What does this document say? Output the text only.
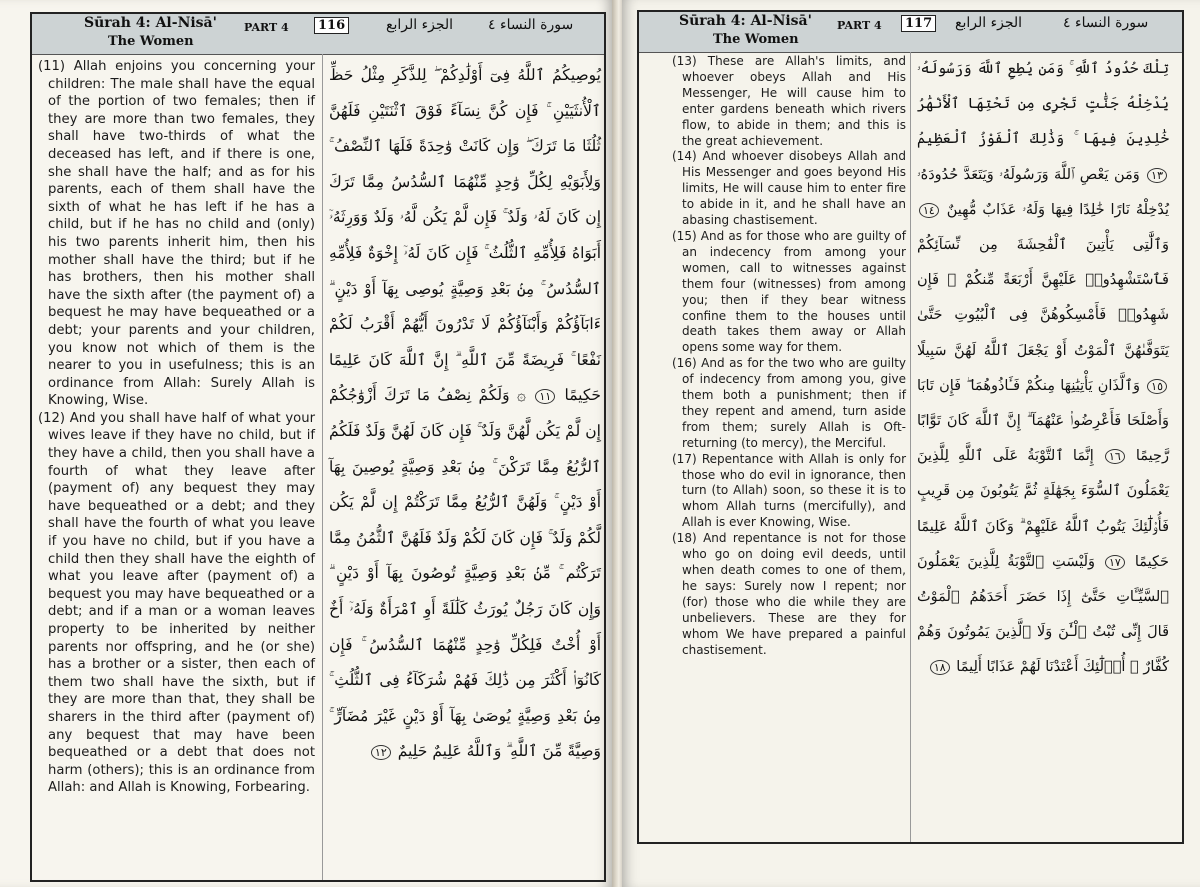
Sūrah 4: Al-Nisā'
The Women
PART 4	116	الجزء الرابع سورة النساء ٤

(11) Allah enjoins you concerning your children: The male shall have the equal of the portion of two females; then if they are more than two females, they shall have two-thirds of what the deceased has left, and if there is one, she shall have the half; and as for his parents, each of them shall have the sixth of what he has left if he has a child, but if he has no child and (only) his two parents inherit him, then his mother shall have the third; but if he has brothers, then his mother shall have the sixth after (the payment of) a bequest he may have bequeathed or a debt; your parents and your children, you know not which of them is the nearer to you in usefulness; this is an ordinance from Allah: Surely Allah is Knowing, Wise.

(12) And you shall have half of what your wives leave if they have no child, but if they have a child, then you shall have a fourth of what they leave after (payment of) any bequest they may have bequeathed or a debt; and they shall have the fourth of what you leave if you have no child, but if you have a child then they shall have the eighth of what you leave after (payment of) a bequest you may have bequeathed or a debt; and if a man or a woman leaves property to be inherited by neither parents nor offspring, and he (or she) has a brother or a sister, then each of them two shall have the sixth, but if they are more than that, they shall be sharers in the third after (payment of) any bequest that may have been bequeathed or a debt that does not harm (others); this is an ordinance from Allah: and Allah is Knowing, Forbearing.

يُوصِيكُمُ ٱللَّهُ فِىٓ أَوْلَٰدِكُمْ ۖ لِلذَّكَرِ مِثْلُ حَظِّ ٱلْأُنثَيَيْنِ ۚ فَإِن كُنَّ نِسَآءً فَوْقَ ٱثْنَتَيْنِ فَلَهُنَّ ثُلُثَا مَا تَرَكَ ۖ وَإِن كَانَتْ وَٰحِدَةً فَلَهَا ٱلنِّصْفُ ۚ وَلِأَبَوَيْهِ لِكُلِّ وَٰحِدٍ مِّنْهُمَا ٱلسُّدُسُ مِمَّا تَرَكَ إِن كَانَ لَهُۥ وَلَدٌ ۚ فَإِن لَّمْ يَكُن لَّهُۥ وَلَدٌ وَوَرِثَهُۥٓ أَبَوَاهُ فَلِأُمِّهِ ٱلثُّلُثُ ۚ فَإِن كَانَ لَهُۥٓ إِخْوَةٌ فَلِأُمِّهِ ٱلسُّدُسُ ۚ مِنۢ بَعْدِ وَصِيَّةٍ يُوصِى بِهَآ أَوْ دَيْنٍ ۗ ءَابَآؤُكُمْ وَأَبْنَآؤُكُمْ لَا تَدْرُونَ أَيُّهُمْ أَقْرَبُ لَكُمْ نَفْعًا ۚ فَرِيضَةً مِّنَ ٱللَّهِ ۗ إِنَّ ٱللَّهَ كَانَ عَلِيمًا حَكِيمًا ١١ ۞ وَلَكُمْ نِصْفُ مَا تَرَكَ أَزْوَٰجُكُمْ إِن لَّمْ يَكُن لَّهُنَّ وَلَدٌ ۚ فَإِن كَانَ لَهُنَّ وَلَدٌ فَلَكُمُ ٱلرُّبُعُ مِمَّا تَرَكْنَ ۚ مِنۢ بَعْدِ وَصِيَّةٍ يُوصِينَ بِهَآ أَوْ دَيْنٍ ۚ وَلَهُنَّ ٱلرُّبُعُ مِمَّا تَرَكْتُمْ إِن لَّمْ يَكُن لَّكُمْ وَلَدٌ ۚ فَإِن كَانَ لَكُمْ وَلَدٌ فَلَهُنَّ ٱلثُّمُنُ مِمَّا تَرَكْتُم ۚ مِّنۢ بَعْدِ وَصِيَّةٍ تُوصُونَ بِهَآ أَوْ دَيْنٍ ۗ وَإِن كَانَ رَجُلٌ يُورَثُ كَلَٰلَةً أَوِ ٱمْرَأَةٌ وَلَهُۥٓ أَخٌ أَوْ أُخْتٌ فَلِكُلِّ وَٰحِدٍ مِّنْهُمَا ٱلسُّدُسُ ۚ فَإِن كَانُوٓا۟ أَكْثَرَ مِن ذَٰلِكَ فَهُمْ شُرَكَآءُ فِى ٱلثُّلُثِ ۚ مِنۢ بَعْدِ وَصِيَّةٍ يُوصَىٰ بِهَآ أَوْ دَيْنٍ غَيْرَ مُضَآرٍّ ۚ وَصِيَّةً مِّنَ ٱللَّهِ ۗ وَٱللَّهُ عَلِيمٌ حَلِيمٌ ١٢
Sūrah 4: Al-Nisā'
The Women
PART 4	117 الجزء الرابع	سورة النساء ٤

(13) These are Allah's limits, and whoever obeys Allah and His Messenger, He will cause him to enter gardens beneath which rivers flow, to abide in them; and this is the great achievement.

(14) And whoever disobeys Allah and His Messenger and goes beyond His limits, He will cause him to enter fire to abide in it, and he shall have an abasing chastisement.

(15) And as for those who are guilty of an indecency from among your women, call to witnesses against them four (witnesses) from among you; then if they bear witness confine them to the houses until death takes them away or Allah opens some way for them.

(16) And as for the two who are guilty of indecency from among you, give them both a punishment; then if they repent and amend, turn aside from them; surely Allah is Oft-returning (to mercy), the Merciful.

(17) Repentance with Allah is only for those who do evil in ignorance, then turn (to Allah) soon, so these it is to whom Allah turns (mercifully), and Allah is ever Knowing, Wise.

(18) And repentance is not for those who go on doing evil deeds, until when death comes to one of them, he says: Surely now I repent; nor (for) those who die while they are unbelievers. These are they for whom We have prepared a painful chastisement.

تِلْكَ حُدُودُ ٱللَّهِ ۚ وَمَن يُطِعِ ٱللَّهَ وَرَسُولَهُۥ يُدْخِلْهُ جَنَّٰتٍ تَجْرِى مِن تَحْتِهَا ٱلْأَنْهَٰرُ خَٰلِدِينَ فِيهَا ۚ وَذَٰلِكَ ٱلْفَوْزُ ٱلْعَظِيمُ ١٣ وَمَن يَعْصِ ٱللَّهَ وَرَسُولَهُۥ وَيَتَعَدَّ حُدُودَهُۥ يُدْخِلْهُ نَارًا خَٰلِدًا فِيهَا وَلَهُۥ عَذَابٌ مُّهِينٌ ١٤ وَٱلَّٰتِى يَأْتِينَ ٱلْفَٰحِشَةَ مِن نِّسَآئِكُمْ فَٱسْتَشْهِدُوا۟ عَلَيْهِنَّ أَرْبَعَةً مِّنكُمْ ۖ فَإِن شَهِدُوا۟ فَأَمْسِكُوهُنَّ فِى ٱلْبُيُوتِ حَتَّىٰ يَتَوَفَّىٰهُنَّ ٱلْمَوْتُ أَوْ يَجْعَلَ ٱللَّهُ لَهُنَّ سَبِيلًا ١٥ وَٱلَّذَانِ يَأْتِيَٰنِهَا مِنكُمْ فَـَٔاذُوهُمَا ۖ فَإِن تَابَا وَأَصْلَحَا فَأَعْرِضُوا۟ عَنْهُمَآ ۗ إِنَّ ٱللَّهَ كَانَ تَوَّابًا رَّحِيمًا ١٦ إِنَّمَا ٱلتَّوْبَةُ عَلَى ٱللَّهِ لِلَّذِينَ يَعْمَلُونَ ٱلسُّوٓءَ بِجَهَٰلَةٍ ثُمَّ يَتُوبُونَ مِن قَرِيبٍ فَأُو۟لَٰٓئِكَ يَتُوبُ ٱللَّهُ عَلَيْهِمْ ۗ وَكَانَ ٱللَّهُ عَلِيمًا حَكِيمًا ١٧ وَلَيْسَتِ ٱلتَّوْبَةُ لِلَّذِينَ يَعْمَلُونَ ٱلسَّيِّـَٔاتِ حَتَّىٰٓ إِذَا حَضَرَ أَحَدَهُمُ ٱلْمَوْتُ قَالَ إِنِّى تُبْتُ ٱلْـَٰٔنَ وَلَا ٱلَّذِينَ يَمُوتُونَ وَهُمْ كُفَّارٌ ۚ أُو۟لَٰٓئِكَ أَعْتَدْنَا لَهُمْ عَذَابًا أَلِيمًا ١٨
